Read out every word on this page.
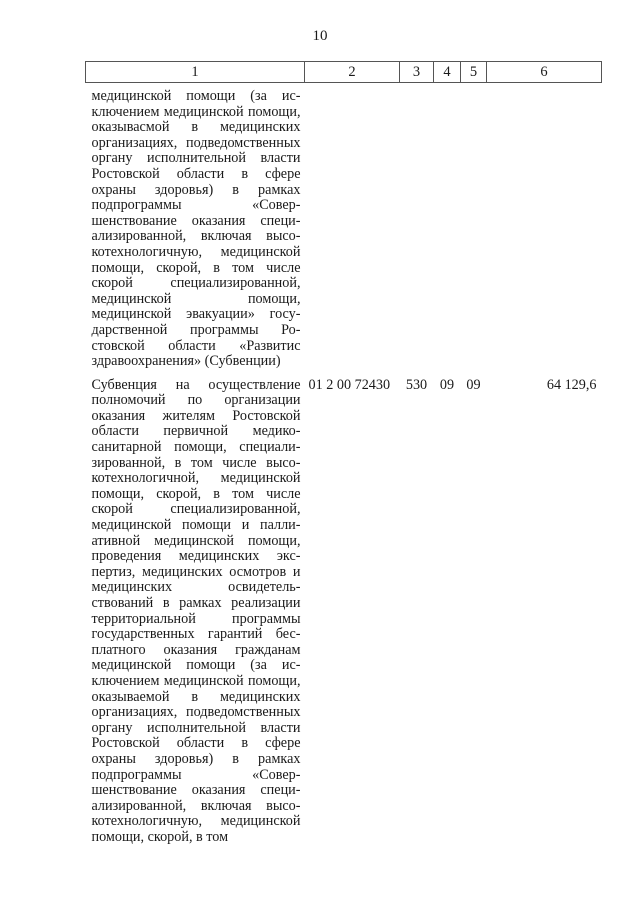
10
1	2	3	4	5	6
медицинской помощи (за исключением медицинской помощи, оказывасмой в медицинских организациях, подведомственных органу исполнительной власти Ростовской области в сфере охраны здоровья) в рамках подпрограммы «Совершенствование оказания специализированной, включая высокотехнологичную, медицинской помощи, скорой, в том числе скорой специализированной, медицинской помощи, медицинской эвакуации» государственной программы Ростовской области «Развитис здравоохранения» (Субвенции)					
Субвенция на осуществление полномочий по организации оказания жителям Ростовской области первичной медико-санитарной помощи, специализированной, в том числе высокотехнологичной, медицинской помощи, скорой, в том числе скорой специализированной, медицинской помощи и паллиативной медицинской помощи, проведения медицинских экспертиз, медицинских осмотров и медицинских освидетельствований в рамках реализации территориальной программы государственных гарантий бесплатного оказания гражданам медицинской помощи (за исключением медицинской помощи, оказываемой в медицинских организациях, подведомственных органу исполнительной власти Ростовской области в сфере охраны здоровья) в рамках подпрограммы «Совершенствование оказания специализированной, включая высокотехнологичную, медицинской помощи, скорой, в том	01 2 00 72430	530	09	09	64 129,6
